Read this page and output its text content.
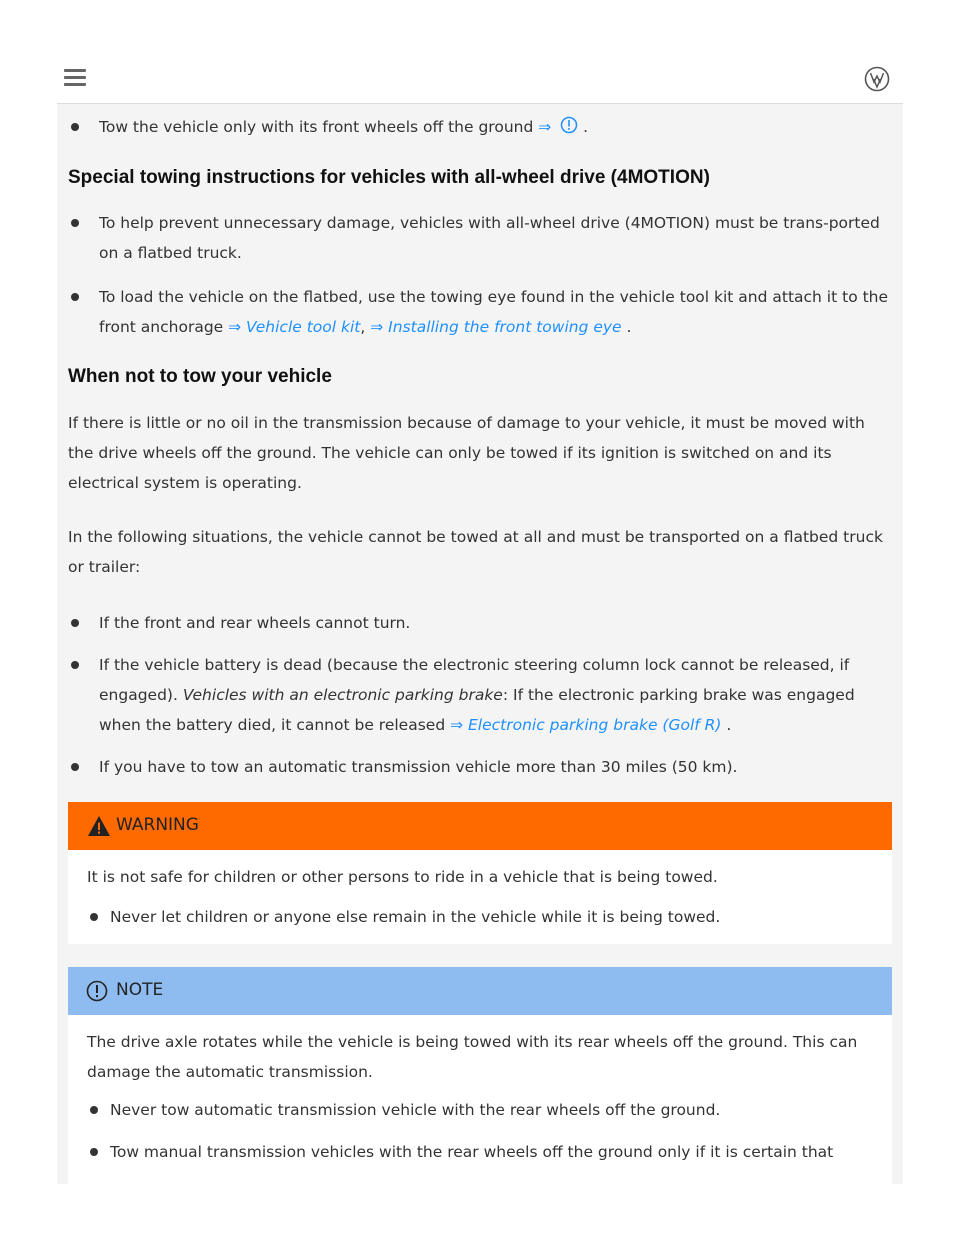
Tow the vehicle only with its front wheels off the ground ⇒ .
Special towing instructions for vehicles with all-wheel drive (4MOTION)
To help prevent unnecessary damage, vehicles with all-wheel drive (4MOTION) must be trans-ported on a flatbed truck.
To load the vehicle on the flatbed, use the towing eye found in the vehicle tool kit and attach it to the front anchorage ⇒ Vehicle tool kit, ⇒ Installing the front towing eye .
When not to tow your vehicle
If there is little or no oil in the transmission because of damage to your vehicle, it must be moved with the drive wheels off the ground. The vehicle can only be towed if its ignition is switched on and its electrical system is operating.
In the following situations, the vehicle cannot be towed at all and must be transported on a flatbed truck or trailer:
If the front and rear wheels cannot turn.
If the vehicle battery is dead (because the electronic steering column lock cannot be released, if engaged). Vehicles with an electronic parking brake: If the electronic parking brake was engaged when the battery died, it cannot be released ⇒ Electronic parking brake (Golf R) .
If you have to tow an automatic transmission vehicle more than 30 miles (50 km).
WARNING
It is not safe for children or other persons to ride in a vehicle that is being towed.
Never let children or anyone else remain in the vehicle while it is being towed.
NOTE
The drive axle rotates while the vehicle is being towed with its rear wheels off the ground. This can damage the automatic transmission.
Never tow automatic transmission vehicle with the rear wheels off the ground.
Tow manual transmission vehicles with the rear wheels off the ground only if it is certain that
